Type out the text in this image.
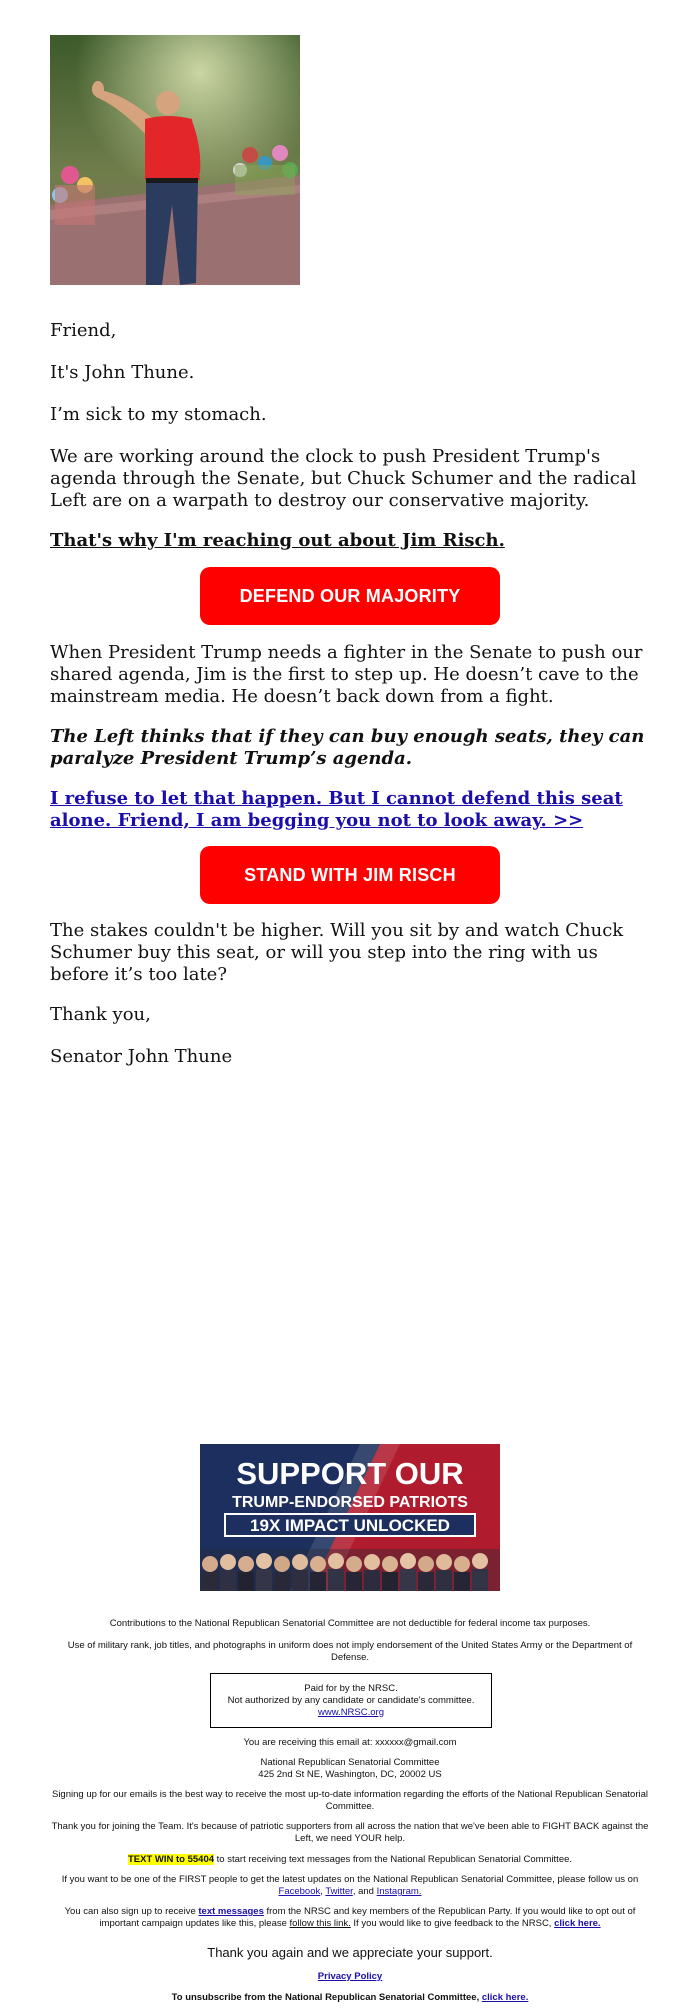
Friend,

It's John Thune.

I’m sick to my stomach.

We are working around the clock to push President Trump's agenda through the Senate, but Chuck Schumer and the radical Left are on a warpath to destroy our conservative majority.

That's why I'm reaching out about Jim Risch.

DEFEND OUR MAJORITY

When President Trump needs a fighter in the Senate to push our shared agenda, Jim is the first to step up. He doesn’t cave to the mainstream media. He doesn’t back down from a fight.

The Left thinks that if they can buy enough seats, they can paralyze President Trump’s agenda.

I refuse to let that happen. But I cannot defend this seat alone. Friend, I am begging you not to look away. >>

STAND WITH JIM RISCH

The stakes couldn't be higher. Will you sit by and watch Chuck Schumer buy this seat, or will you step into the ring with us before it’s too late?

Thank you,

Senator John Thune

SUPPORT OUR
TRUMP-ENDORSED PATRIOTS
19X IMPACT UNLOCKED
Contributions to the National Republican Senatorial Committee are not deductible for federal income tax purposes.
Use of military rank, job titles, and photographs in uniform does not imply endorsement of the United States Army or the Department of Defense.
Paid for by the NRSC.
Not authorized by any candidate or candidate's committee.
www.NRSC.org
You are receiving this email at: xxxxxx@gmail.com
National Republican Senatorial Committee
425 2nd St NE, Washington, DC, 20002 US
Signing up for our emails is the best way to receive the most up-to-date information regarding the efforts of the National Republican Senatorial Committee.
Thank you for joining the Team. It's because of patriotic supporters from all across the nation that we've been able to FIGHT BACK against the Left, we need YOUR help.
TEXT WIN to 55404 to start receiving text messages from the National Republican Senatorial Committee.
If you want to be one of the FIRST people to get the latest updates on the National Republican Senatorial Committee, please follow us on Facebook, Twitter, and Instagram.
You can also sign up to receive text messages from the NRSC and key members of the Republican Party. If you would like to opt out of important campaign updates like this, please follow this link. If you would like to give feedback to the NRSC, click here.
Thank you again and we appreciate your support.
Privacy Policy
To unsubscribe from the National Republican Senatorial Committee, click here.
